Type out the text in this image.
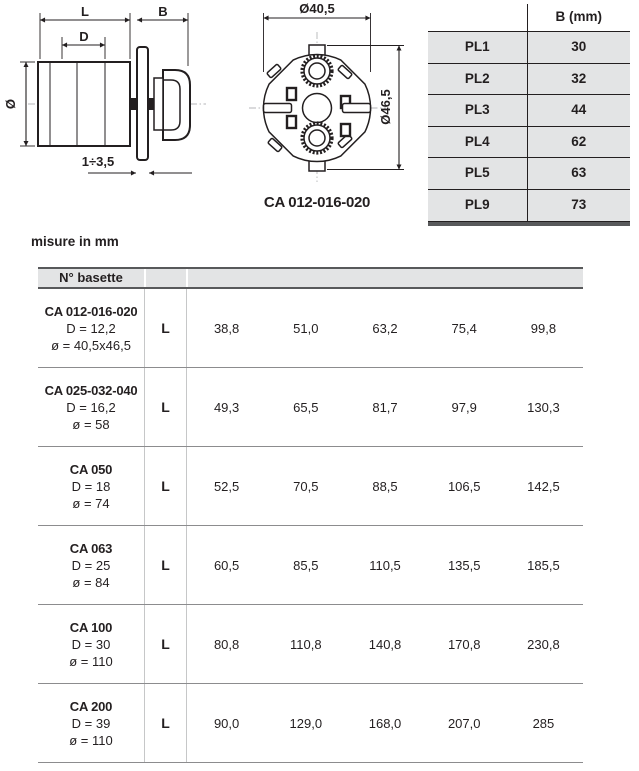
L	B
D
Ø
1÷3,5
Ø40,5
Ø46,5
CA 012-016-020
B (mm)
PL1	30
PL2	32
PL3	44
PL4	62
PL5	63
PL9	73
misure in mm
N° basette
CA 012-016-020
D = 12,2
ø = 40,5x46,5
L	38,8	51,0	63,2	75,4	99,8
CA 025-032-040
D = 16,2
ø = 58
L	49,3	65,5	81,7	97,9	130,3
CA 050
D = 18
ø = 74
L	52,5	70,5	88,5	106,5	142,5
CA 063
D = 25
ø = 84
L	60,5	85,5	110,5	135,5	185,5
CA 100
D = 30
ø = 110
L	80,8	110,8	140,8	170,8	230,8
CA 200
D = 39
ø = 110
L	90,0	129,0	168,0	207,0	285
